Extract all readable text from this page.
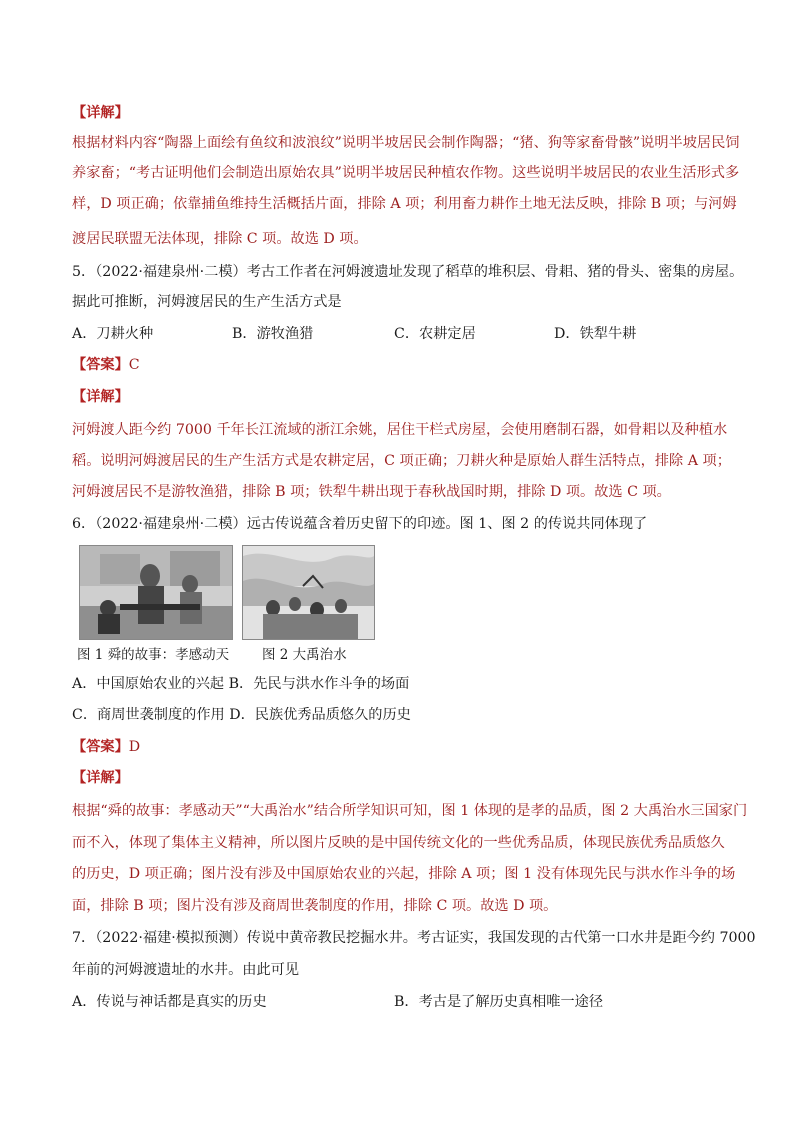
【详解】
根据材料内容“陶器上面绘有鱼纹和波浪纹”说明半坡居民会制作陶器；“猪、狗等家畜骨骸”说明半坡居民饲
养家畜；“考古证明他们会制造出原始农具”说明半坡居民种植农作物。这些说明半坡居民的农业生活形式多
样，D 项正确；依靠捕鱼维持生活概括片面，排除 A 项；利用畜力耕作土地无法反映，排除 B 项；与河姆
渡居民联盟无法体现，排除 C 项。故选 D 项。
5．（2022·福建泉州·二模）考古工作者在河姆渡遗址发现了稻草的堆积层、骨耜、猪的骨头、密集的房屋。
据此可推断，河姆渡居民的生产生活方式是
A．刀耕火种	B．游牧渔猎	C．农耕定居	D．铁犁牛耕
【答案】C
【详解】
河姆渡人距今约 7000 千年长江流域的浙江余姚，居住干栏式房屋，会使用磨制石器，如骨耜以及种植水
稻。说明河姆渡居民的生产生活方式是农耕定居，C 项正确；刀耕火种是原始人群生活特点，排除 A 项；
河姆渡居民不是游牧渔猎，排除 B 项；铁犁牛耕出现于春秋战国时期，排除 D 项。故选 C 项。
6．（2022·福建泉州·二模）远古传说蕴含着历史留下的印迹。图 1、图 2 的传说共同体现了
图 1 舜的故事：孝感动天 图 2 大禹治水
A．中国原始农业的兴起 B．先民与洪水作斗争的场面
C．商周世袭制度的作用 D．民族优秀品质悠久的历史
【答案】D
【详解】
根据“舜的故事：孝感动天”“大禹治水”结合所学知识可知，图 1 体现的是孝的品质，图 2 大禹治水三国家门
而不入，体现了集体主义精神，所以图片反映的是中国传统文化的一些优秀品质，体现民族优秀品质悠久
的历史，D 项正确；图片没有涉及中国原始农业的兴起，排除 A 项；图 1 没有体现先民与洪水作斗争的场
面，排除 B 项；图片没有涉及商周世袭制度的作用，排除 C 项。故选 D 项。
7．（2022·福建·模拟预测）传说中黄帝教民挖掘水井。考古证实，我国发现的古代第一口水井是距今约 7000
年前的河姆渡遗址的水井。由此可见
A．传说与神话都是真实的历史	B．考古是了解历史真相唯一途径
